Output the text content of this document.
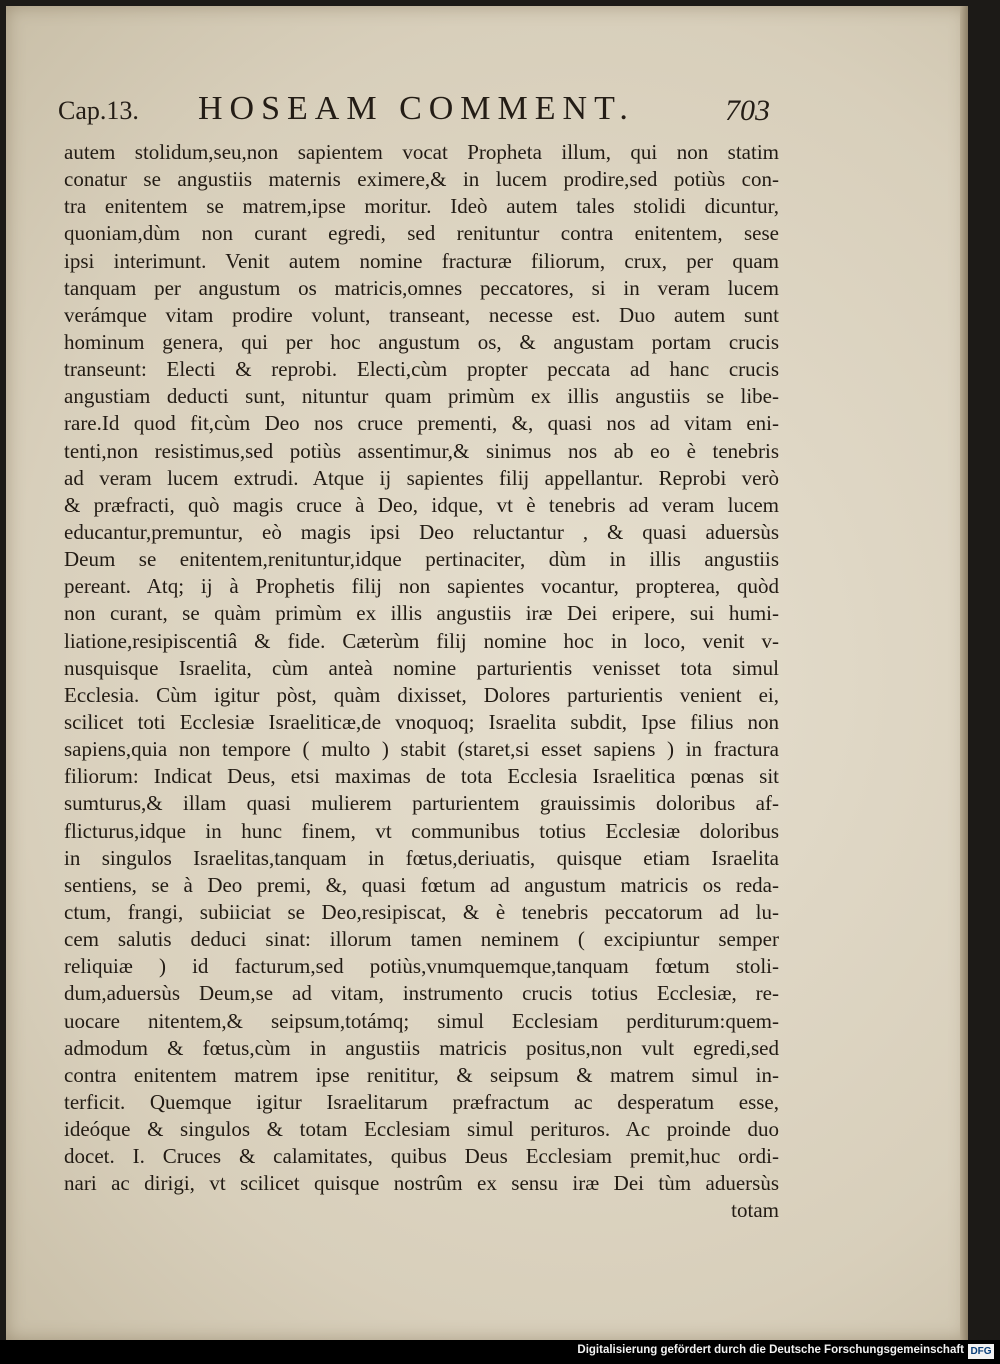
Cap.13. HOSEAM COMMENT.	703
autem stolidum,seu,non sapientem vocat Propheta illum, qui non statim
conatur se angustiis maternis eximere,& in lucem prodire,sed potiùs con-
tra enitentem se matrem,ipse moritur. Ideò autem tales stolidi dicuntur,
quoniam,dùm non curant egredi, sed renituntur contra enitentem, sese
ipsi interimunt. Venit autem nomine fracturæ filiorum, crux, per quam
tanquam per angustum os matricis,omnes peccatores, si in veram lucem
verámque vitam prodire volunt, transeant, necesse est. Duo autem sunt
hominum genera, qui per hoc angustum os, & angustam portam crucis
transeunt: Electi & reprobi. Electi,cùm propter peccata ad hanc crucis
angustiam deducti sunt, nituntur quam primùm ex illis angustiis se libe-
rare.Id quod fit,cùm Deo nos cruce prementi, &, quasi nos ad vitam eni-
tenti,non resistimus,sed potiùs assentimur,& sinimus nos ab eo è tenebris
ad veram lucem extrudi. Atque ij sapientes filij appellantur. Reprobi verò
& præfracti, quò magis cruce à Deo, idque, vt è tenebris ad veram lucem
educantur,premuntur, eò magis ipsi Deo reluctantur , & quasi aduersùs
Deum se enitentem,renituntur,idque pertinaciter, dùm in illis angustiis
pereant. Atq; ij à Prophetis filij non sapientes vocantur, propterea, quòd
non curant, se quàm primùm ex illis angustiis iræ Dei eripere, sui humi-
liatione,resipiscentiâ & fide. Cæterùm filij nomine hoc in loco, venit v-
nusquisque Israelita, cùm anteà nomine parturientis venisset tota simul
Ecclesia. Cùm igitur pòst, quàm dixisset, Dolores parturientis venient ei,
scilicet toti Ecclesiæ Israeliticæ,de vnoquoq; Israelita subdit, Ipse filius non
sapiens,quia non tempore ( multo ) stabit (staret,si esset sapiens ) in fractura
filiorum: Indicat Deus, etsi maximas de tota Ecclesia Israelitica pœnas sit
sumturus,& illam quasi mulierem parturientem grauissimis doloribus af-
flicturus,idque in hunc finem, vt communibus totius Ecclesiæ doloribus
in singulos Israelitas,tanquam in fœtus,deriuatis, quisque etiam Israelita
sentiens, se à Deo premi, &, quasi fœtum ad angustum matricis os reda-
ctum, frangi, subiiciat se Deo,resipiscat, & è tenebris peccatorum ad lu-
cem salutis deduci sinat: illorum tamen neminem ( excipiuntur semper
reliquiæ ) id facturum,sed potiùs,vnumquemque,tanquam fœtum stoli-
dum,aduersùs Deum,se ad vitam, instrumento crucis totius Ecclesiæ, re-
uocare nitentem,& seipsum,totámq; simul Ecclesiam perditurum:quem-
admodum & fœtus,cùm in angustiis matricis positus,non vult egredi,sed
contra enitentem matrem ipse renititur, & seipsum & matrem simul in-
terficit. Quemque igitur Israelitarum præfractum ac desperatum esse,
ideóque & singulos & totam Ecclesiam simul perituros. Ac proinde duo
docet. I. Cruces & calamitates, quibus Deus Ecclesiam premit,huc ordi-
nari ac dirigi, vt scilicet quisque nostrûm ex sensu iræ Dei tùm aduersùs
totam
Digitalisierung gefördert durch die Deutsche Forschungsgemeinschaft DFG
